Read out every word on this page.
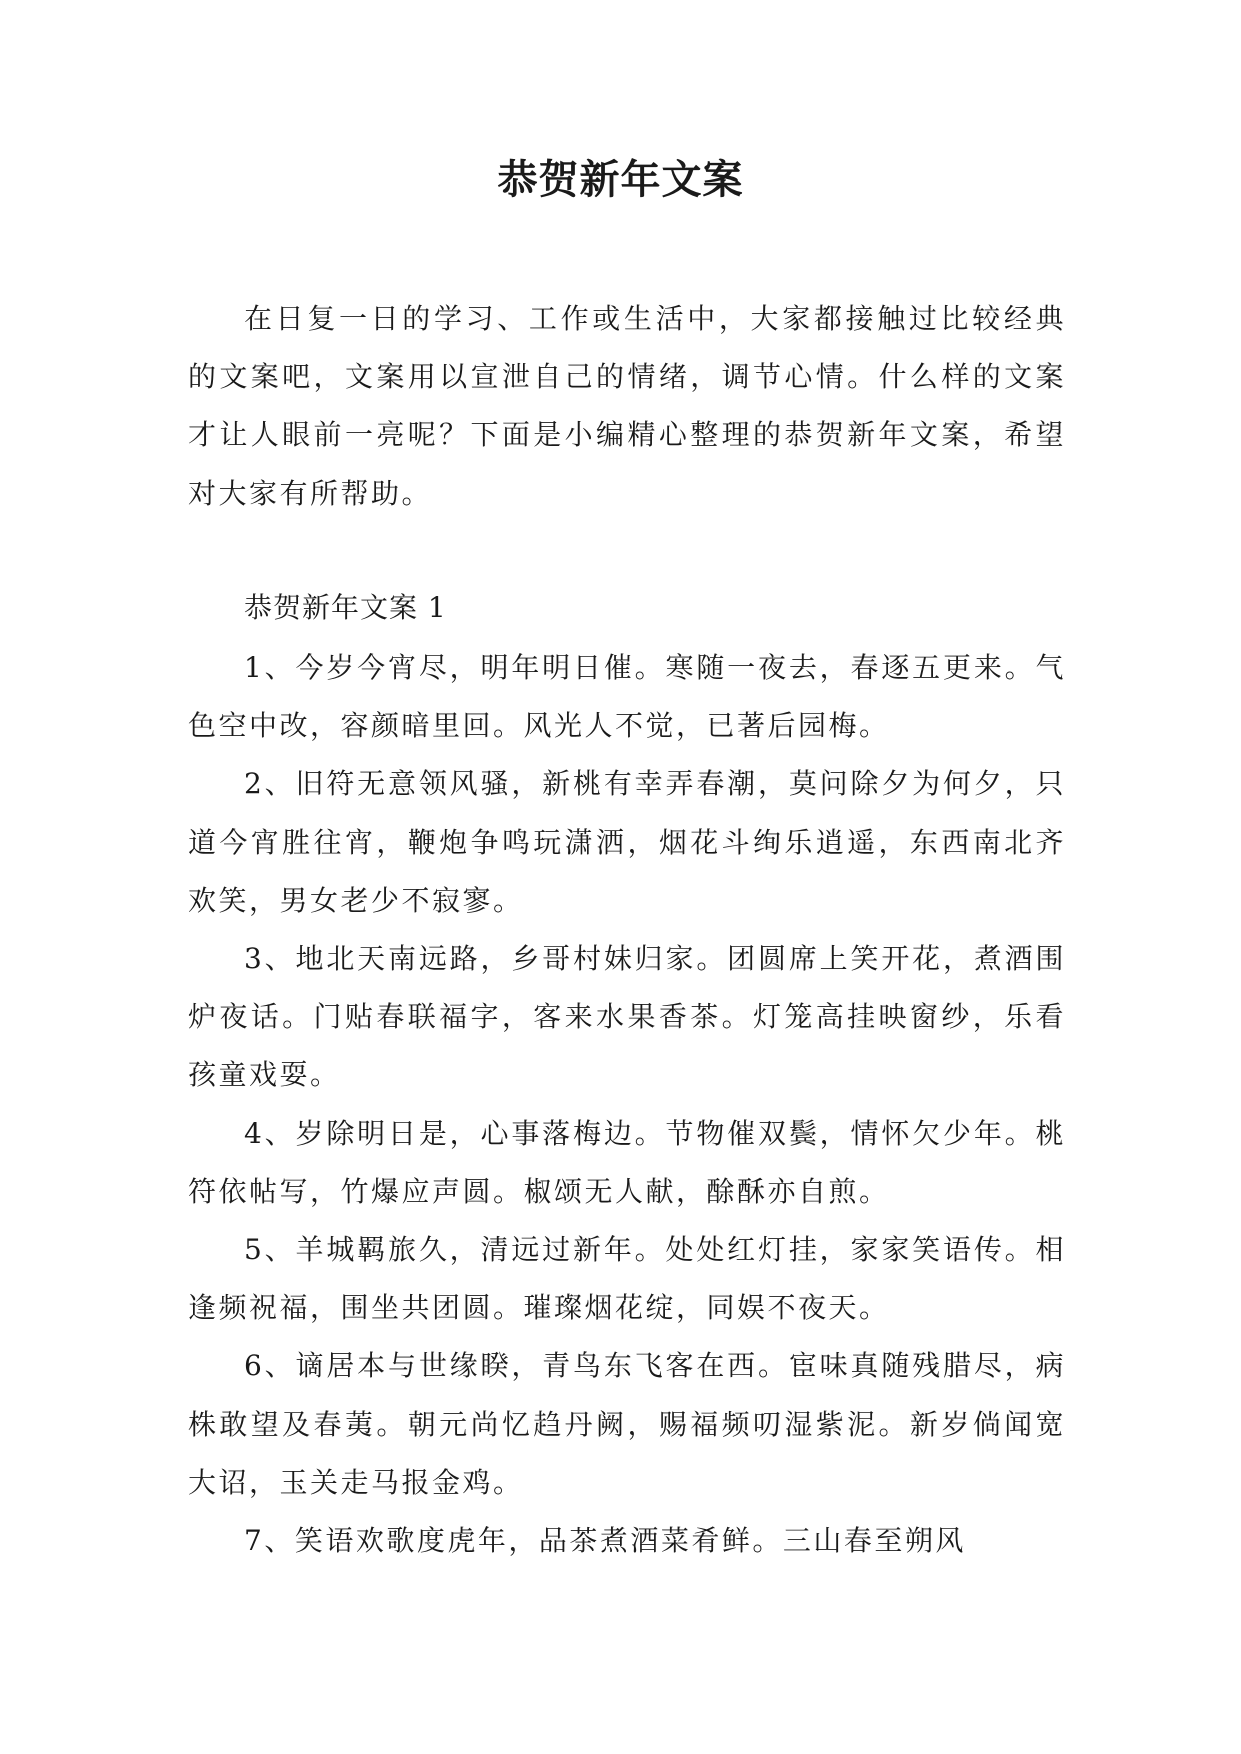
恭贺新年文案

在日复一日的学习、工作或生活中，大家都接触过比较经典的文案吧，文案用以宣泄自己的情绪，调节心情。什么样的文案才让人眼前一亮呢？下面是小编精心整理的恭贺新年文案，希望对大家有所帮助。

恭贺新年文案 1

1、今岁今宵尽，明年明日催。寒随一夜去，春逐五更来。气色空中改，容颜暗里回。风光人不觉，已著后园梅。

2、旧符无意领风骚，新桃有幸弄春潮，莫问除夕为何夕，只道今宵胜往宵，鞭炮争鸣玩潇洒，烟花斗绚乐逍遥，东西南北齐欢笑，男女老少不寂寥。

3、地北天南远路，乡哥村妹归家。团圆席上笑开花，煮酒围炉夜话。门贴春联福字，客来水果香茶。灯笼高挂映窗纱，乐看孩童戏耍。

4、岁除明日是，心事落梅边。节物催双鬓，情怀欠少年。桃符依帖写，竹爆应声圆。椒颂无人献，酴酥亦自煎。

5、羊城羁旅久，清远过新年。处处红灯挂，家家笑语传。相逢频祝福，围坐共团圆。璀璨烟花绽，同娱不夜天。

6、谪居本与世缘睽，青鸟东飞客在西。宦味真随残腊尽，病株敢望及春荑。朝元尚忆趋丹阙，赐福频叨湿紫泥。新岁倘闻宽大诏，玉关走马报金鸡。

7、笑语欢歌度虎年，品茶煮酒菜肴鲜。三山春至朔风
